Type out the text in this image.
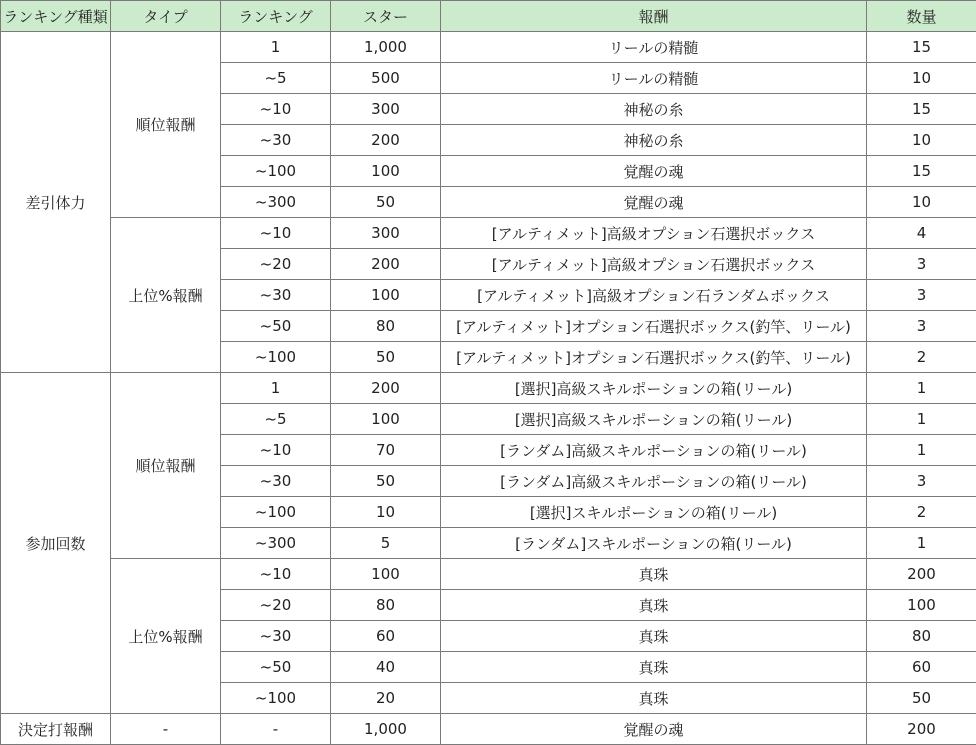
ランキング種類	タイプ	ランキング	スター	報酬	数量
差引体力	順位報酬	1	1,000	リールの精髄	15
		~5	500	リールの精髄	10
		~10	300	神秘の糸	15
		~30	200	神秘の糸	10
		~100	100	覚醒の魂	15
		~300	50	覚醒の魂	10
	上位%報酬	~10	300	[アルティメット]高級オプション石選択ボックス	4
		~20	200	[アルティメット]高級オプション石選択ボックス	3
		~30	100	[アルティメット]高級オプション石ランダムボックス	3
		~50	80	[アルティメット]オプション石選択ボックス(釣竿、リール)	3
		~100	50	[アルティメット]オプション石選択ボックス(釣竿、リール)	2
参加回数	順位報酬	1	200	[選択]高級スキルポーションの箱(リール)	1
		~5	100	[選択]高級スキルポーションの箱(リール)	1
		~10	70	[ランダム]高級スキルポーションの箱(リール)	1
		~30	50	[ランダム]高級スキルポーションの箱(リール)	3
		~100	10	[選択]スキルポーションの箱(リール)	2
		~300	5	[ランダム]スキルポーションの箱(リール)	1
	上位%報酬	~10	100	真珠	200
		~20	80	真珠	100
		~30	60	真珠	80
		~50	40	真珠	60
		~100	20	真珠	50
決定打報酬	-	-	1,000	覚醒の魂	200
